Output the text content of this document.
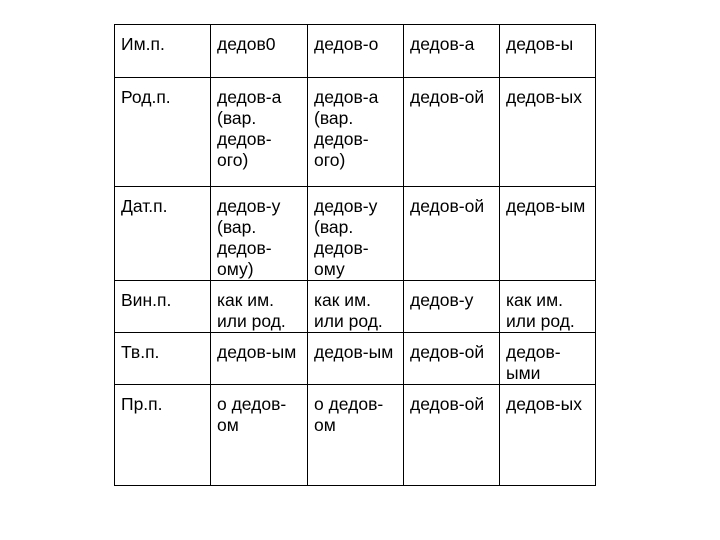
Им.п.	дедов0	дедов-о	дедов-а	дедов-ы
Род.п.	дедов-а
(вар.
дедов-
ого)	дедов-а
(вар.
дедов-
ого)	дедов-ой	дедов-ых
Дат.п.	дедов-у
(вар.
дедов-
ому)	дедов-у
(вар.
дедов-
ому	дедов-ой	дедов-ым
Вин.п.	как им.
или род.	как им.
или род.	дедов-у	как им.
или род.
Тв.п.	дедов-ым	дедов-ым	дедов-ой	дедов-
ыми
Пр.п.	о дедов-
ом	о дедов-
ом	дедов-ой	дедов-ых
